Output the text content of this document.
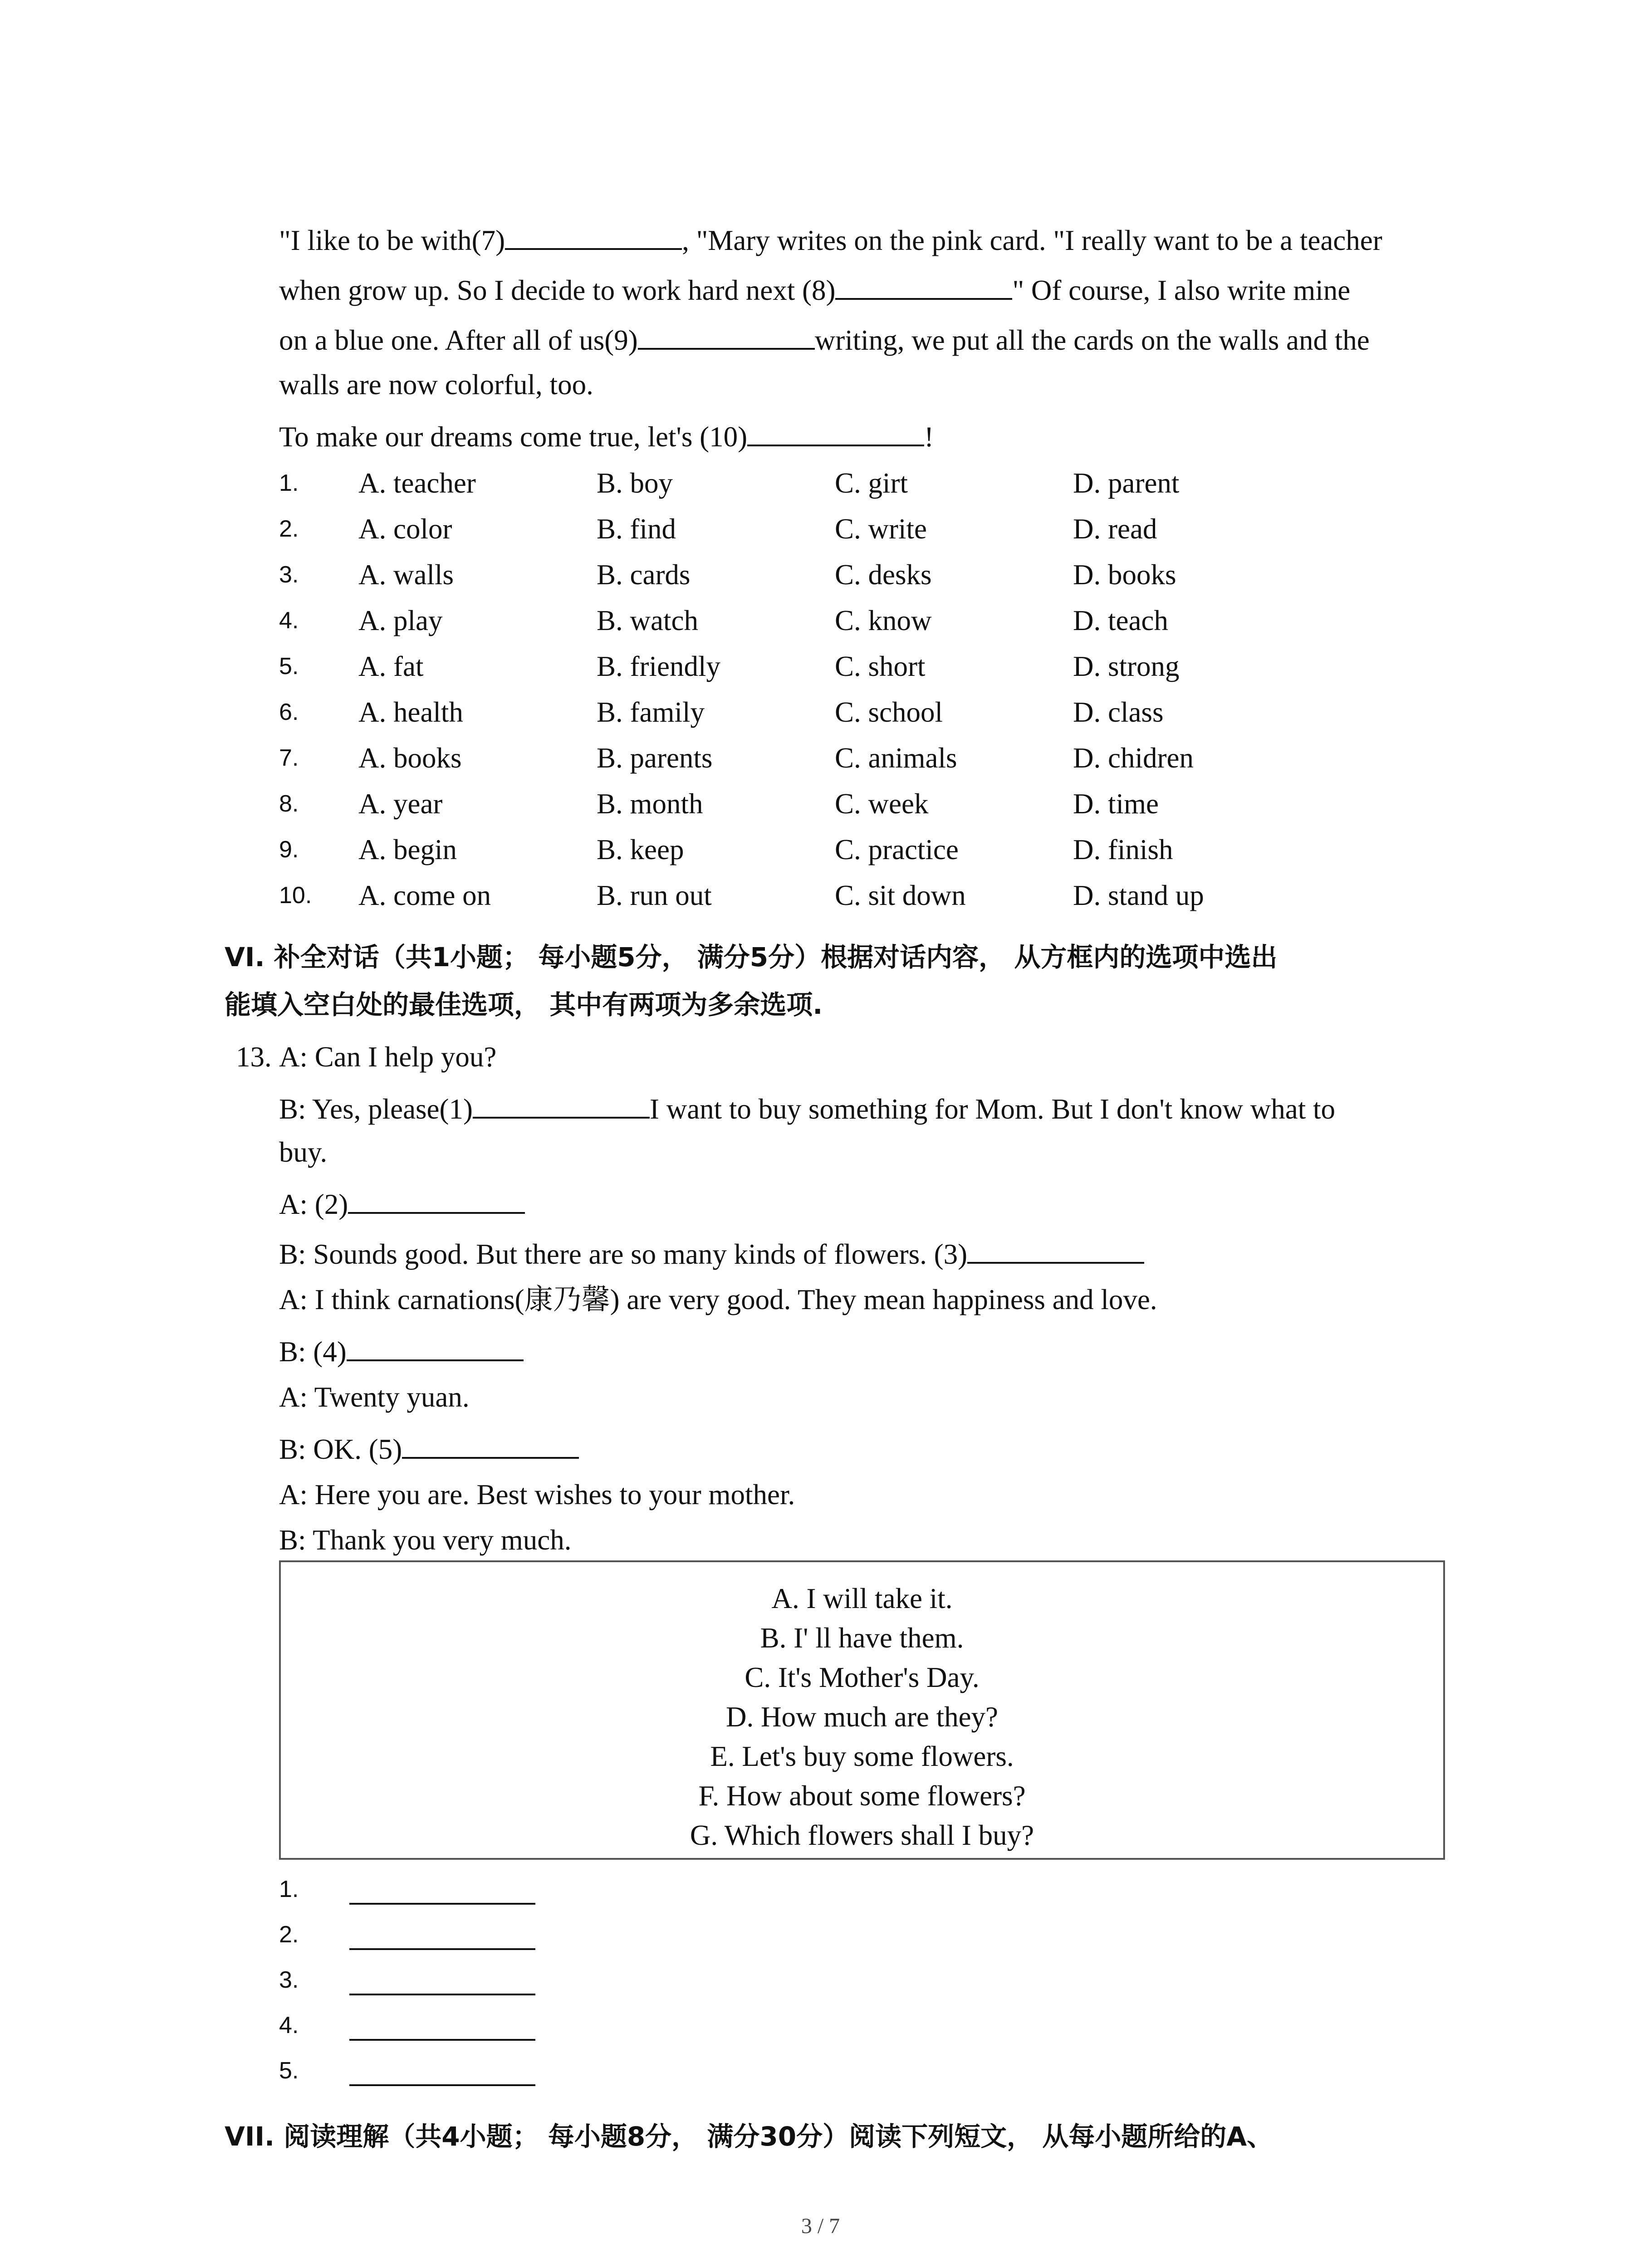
"I like to be with(7)	, "Mary writes on the pink card. "I really want to be a teacher
when grow up. So I decide to work hard next (8)	" Of course, I also write mine
on a blue one. After all of us(9)	writing, we put all the cards on the walls and the
walls are now colorful, too.
To make our dreams come true, let's (10)	!
1. A. teacher	B. boy	C. girt	D. parent
2. A. color	B. find	C. write	D. read
3. A. walls	B. cards	C. desks	D. books
4. A. play	B. watch	C. know	D. teach
5. A. fat	B. friendly	C. short	D. strong
6. A. health	B. family	C. school	D. class
7. A. books	B. parents	C. animals	D. chidren
8. A. year	B. month	C. week	D. time
9. A. begin	B. keep	C. practice	D. finish
10. A. come on	B. run out	C. sit down	D. stand up
VI. 补全对话（共1小题； 每小题5分， 满分5分）根据对话内容， 从方框内的选项中选出
能填入空白处的最佳选项， 其中有两项为多余选项.
13. A: Can I help you?
B: Yes, please(1)	I want to buy something for Mom. But I don't know what to
buy.
A: (2)
B: Sounds good. But there are so many kinds of flowers. (3)
A: I think carnations(康乃馨) are very good. They mean happiness and love.
B: (4)
A: Twenty yuan.
B: OK. (5)
A: Here you are. Best wishes to your mother.
B: Thank you very much.
A. I will take it.
B. I' ll have them.
C. It's Mother's Day.
D. How much are they?
E. Let's buy some flowers.
F. How about some flowers?
G. Which flowers shall I buy?
1.
2.
3.
4.
5.
VII. 阅读理解（共4小题； 每小题8分， 满分30分）阅读下列短文， 从每小题所给的A、
3 / 7
